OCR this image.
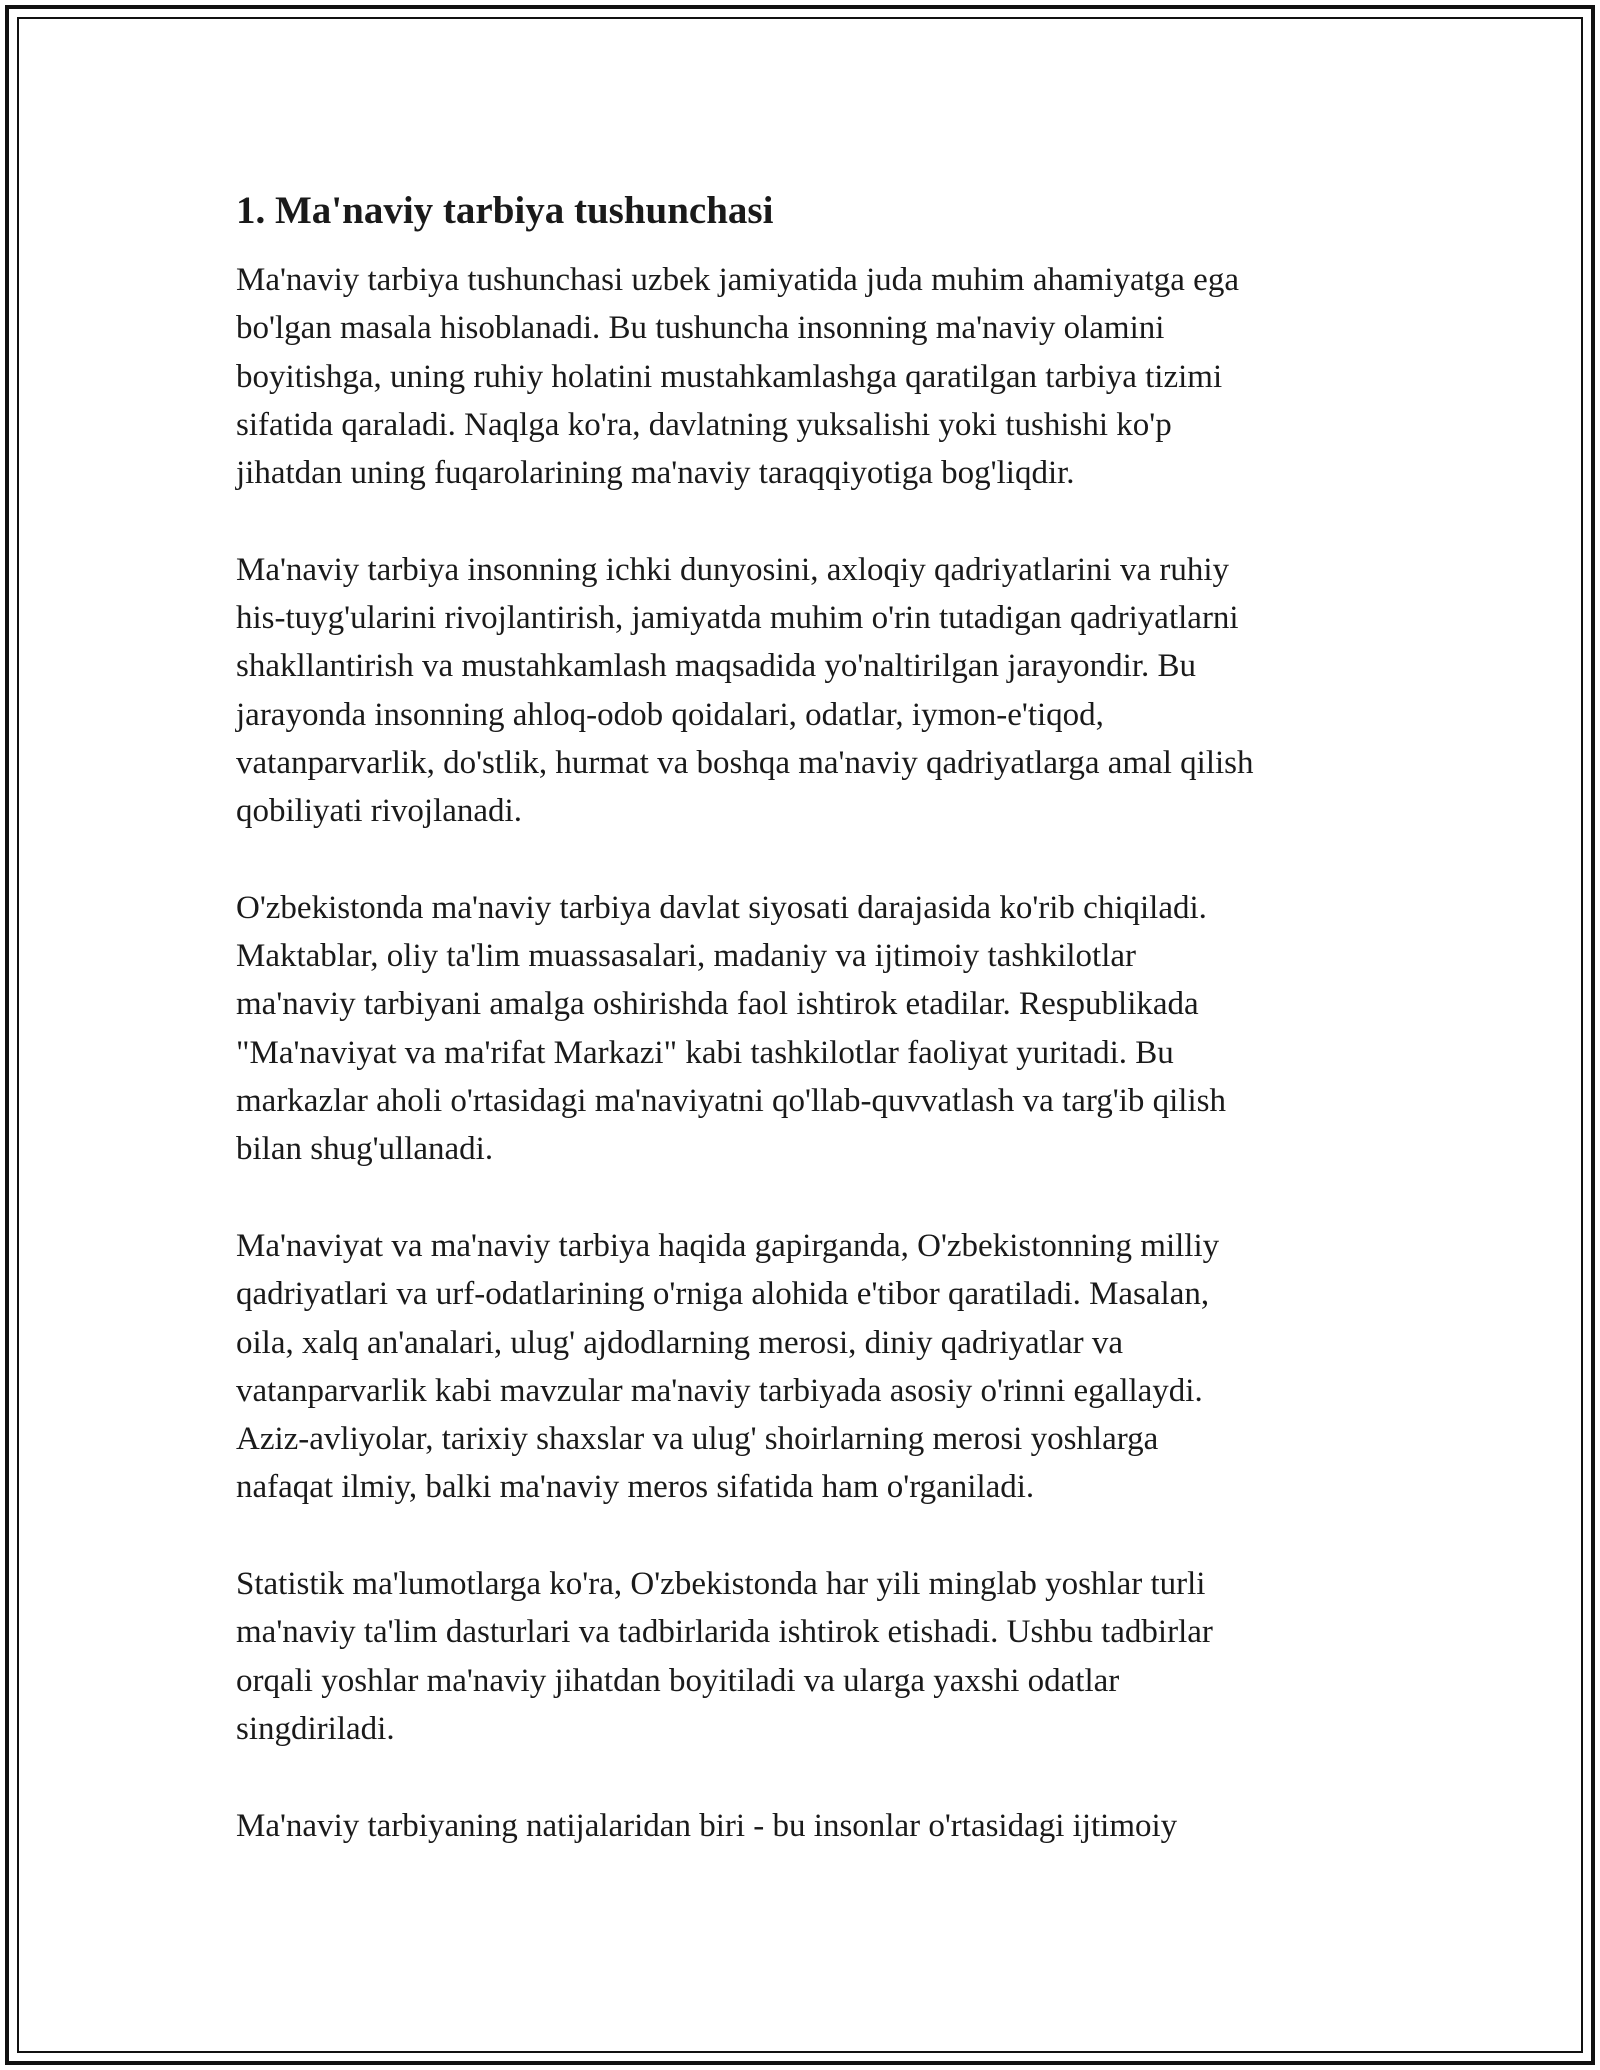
1. Ma'naviy tarbiya tushunchasi

Ma'naviy tarbiya tushunchasi uzbek jamiyatida juda muhim ahamiyatga ega
bo'lgan masala hisoblanadi. Bu tushuncha insonning ma'naviy olamini
boyitishga, uning ruhiy holatini mustahkamlashga qaratilgan tarbiya tizimi
sifatida qaraladi. Naqlga ko'ra, davlatning yuksalishi yoki tushishi ko'p
jihatdan uning fuqarolarining ma'naviy taraqqiyotiga bog'liqdir.

Ma'naviy tarbiya insonning ichki dunyosini, axloqiy qadriyatlarini va ruhiy
his-tuyg'ularini rivojlantirish, jamiyatda muhim o'rin tutadigan qadriyatlarni
shakllantirish va mustahkamlash maqsadida yo'naltirilgan jarayondir. Bu
jarayonda insonning ahloq-odob qoidalari, odatlar, iymon-e'tiqod,
vatanparvarlik, do'stlik, hurmat va boshqa ma'naviy qadriyatlarga amal qilish
qobiliyati rivojlanadi.

O'zbekistonda ma'naviy tarbiya davlat siyosati darajasida ko'rib chiqiladi.
Maktablar, oliy ta'lim muassasalari, madaniy va ijtimoiy tashkilotlar
ma'naviy tarbiyani amalga oshirishda faol ishtirok etadilar. Respublikada
"Ma'naviyat va ma'rifat Markazi" kabi tashkilotlar faoliyat yuritadi. Bu
markazlar aholi o'rtasidagi ma'naviyatni qo'llab-quvvatlash va targ'ib qilish
bilan shug'ullanadi.

Ma'naviyat va ma'naviy tarbiya haqida gapirganda, O'zbekistonning milliy
qadriyatlari va urf-odatlarining o'rniga alohida e'tibor qaratiladi. Masalan,
oila, xalq an'analari, ulug' ajdodlarning merosi, diniy qadriyatlar va
vatanparvarlik kabi mavzular ma'naviy tarbiyada asosiy o'rinni egallaydi.
Aziz-avliyolar, tarixiy shaxslar va ulug' shoirlarning merosi yoshlarga
nafaqat ilmiy, balki ma'naviy meros sifatida ham o'rganiladi.

Statistik ma'lumotlarga ko'ra, O'zbekistonda har yili minglab yoshlar turli
ma'naviy ta'lim dasturlari va tadbirlarida ishtirok etishadi. Ushbu tadbirlar
orqali yoshlar ma'naviy jihatdan boyitiladi va ularga yaxshi odatlar
singdiriladi.

Ma'naviy tarbiyaning natijalaridan biri - bu insonlar o'rtasidagi ijtimoiy
